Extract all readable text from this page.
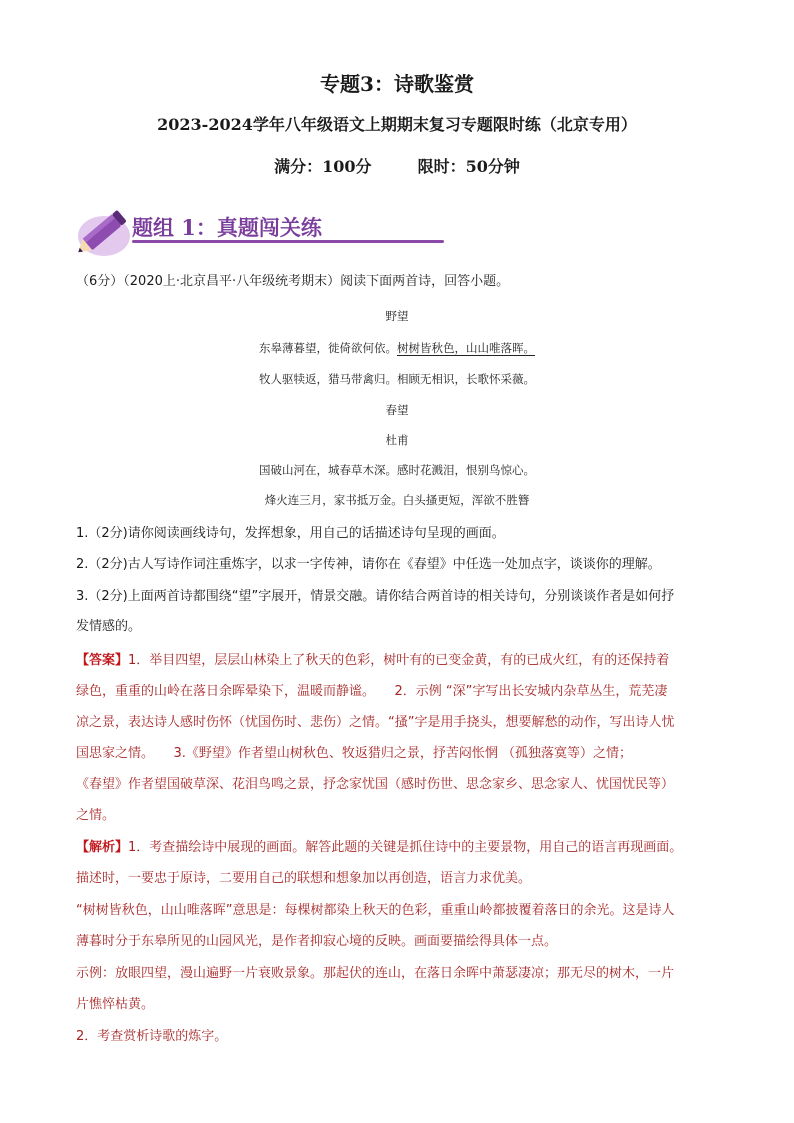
专题3：诗歌鉴赏
2023-2024学年八年级语文上期期末复习专题限时练（北京专用）
满分：100分	限时：50分钟
题组 1：真题闯关练
（6分）（2020上·北京昌平·八年级统考期末）阅读下面两首诗，回答小题。
野望
东皋薄暮望，徙倚欲何依。树树皆秋色，山山唯落晖。
牧人驱犊返，猎马带禽归。相顾无相识，长歌怀采薇。
春望
杜甫
国破山河在，城春草木深。感时花溅泪，恨别鸟惊心。
烽火连三月，家书抵万金。白头搔更短，浑欲不胜簪
1.（2分)请你阅读画线诗句，发挥想象，用自己的话描述诗句呈现的画面。
2.（2分)古人写诗作词注重炼字，以求一字传神，请你在《春望》中任选一处加点字，谈谈你的理解。
3.（2分)上面两首诗都围绕“望”字展开，情景交融。请你结合两首诗的相关诗句，分别谈谈作者是如何抒
发情感的。
【答案】1．举目四望，层层山林染上了秋天的色彩，树叶有的已变金黄，有的已成火红，有的还保持着
绿色，重重的山岭在落日余晖晕染下，温暖而静谧。　　2．示例 “深”字写出长安城内杂草丛生，荒芜凄
凉之景，表达诗人感时伤怀（忧国伤时、悲伤）之情。“搔”字是用手挠头，想要解愁的动作，写出诗人忧
国思家之情。　　3.《野望》作者望山树秋色、牧返猎归之景，抒苦闷怅惘 （孤独落寞等）之情；
《春望》作者望国破草深、花泪鸟鸣之景，抒念家忧国（感时伤世、思念家乡、思念家人、忧国忧民等）
之情。
【解析】1．考查描绘诗中展现的画面。解答此题的关键是抓住诗中的主要景物，用自己的语言再现画面。
描述时，一要忠于原诗，二要用自己的联想和想象加以再创造，语言力求优美。
“树树皆秋色，山山唯落晖”意思是：每棵树都染上秋天的色彩，重重山岭都披覆着落日的余光。这是诗人
薄暮时分于东皋所见的山园风光，是作者抑寂心境的反映。画面要描绘得具体一点。
示例：放眼四望，漫山遍野一片衰败景象。那起伏的连山，在落日余晖中萧瑟凄凉；那无尽的树木，一片
片憔悴枯黄。
2．考查赏析诗歌的炼字。
